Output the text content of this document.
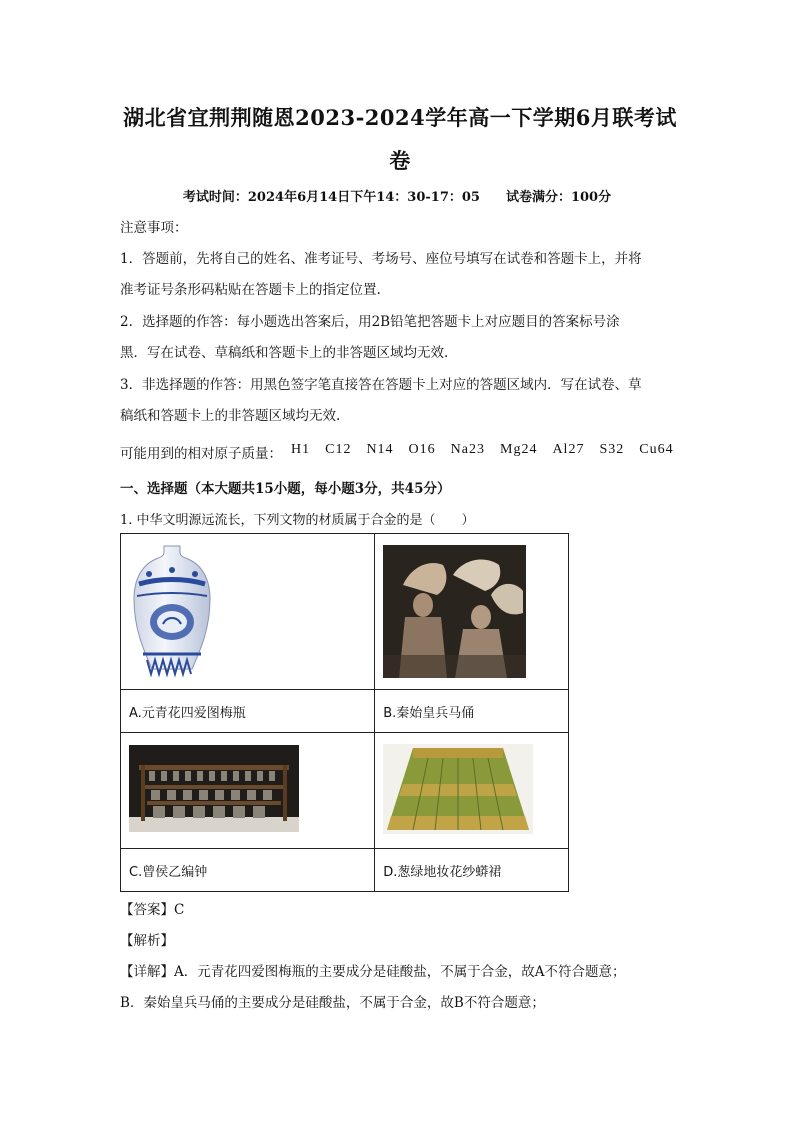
湖北省宜荆荆随恩2023-2024学年高一下学期6月联考试
卷
考试时间：2024年6月14日下午14：30-17：05　　试卷满分：100分
注意事项：
1．答题前，先将自己的姓名、准考证号、考场号、座位号填写在试卷和答题卡上，并将
准考证号条形码粘贴在答题卡上的指定位置.
2．选择题的作答：每小题选出答案后，用2B铅笔把答题卡上对应题目的答案标号涂
黑．写在试卷、草稿纸和答题卡上的非答题区域均无效.
3．非选择题的作答：用黑色签字笔直接答在答题卡上对应的答题区域内．写在试卷、草
稿纸和答题卡上的非答题区域均无效.
可能用到的相对原子质量： H1　C12　N14　O16　Na23　Mg24　Al27　S32　Cu64
一、选择题（本大题共15小题，每小题3分，共45分）
1. 中华文明源远流长，下列文物的材质属于合金的是（　　）

A.元青花四爱图梅瓶	B.秦始皇兵马俑

C.曾侯乙编钟	D.葱绿地妆花纱蟒裙
【答案】C
【解析】
【详解】A．元青花四爱图梅瓶的主要成分是硅酸盐，不属于合金，故A不符合题意；
B．秦始皇兵马俑的主要成分是硅酸盐，不属于合金，故B不符合题意；
